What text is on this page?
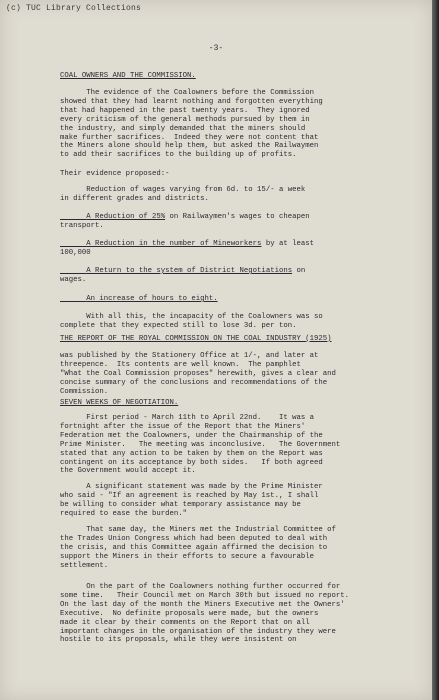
(c) TUC Library Collections
-3-

COAL OWNERS AND THE COMMISSION.

The evidence of the Coalowners before the Commission
showed that they had learnt nothing and forgotten everything
that had happened in the past twenty years.  They ignored
every criticism of the general methods pursued by them in
the industry, and simply demanded that the miners should
make further sacrifices.  Indeed they were not content that
the Miners alone should help them, but asked the Railwaymen
to add their sacrifices to the building up of profits.

Their evidence proposed:-

Reduction of wages varying from 6d. to 15/- a week
in different grades and districts.

A Reduction of 25% on Railwaymen's wages to cheapen
transport.

A Reduction in the number of Mineworkers by at least
100,000

A Return to the system of District Negotiations on
wages.

An increase of hours to eight.

With all this, the incapacity of the Coalowners was so
complete that they expected still to lose 3d. per ton.

THE REPORT OF THE ROYAL COMMISSION ON THE COAL INDUSTRY (1925)

was published by the Stationery Office at 1/-, and later at
threepence.  Its contents are well known.  The pamphlet
"What the Coal Commission proposes" herewith, gives a clear and
concise summary of the conclusions and recommendations of the
Commission.

SEVEN WEEKS OF NEGOTIATION.

First period - March 11th to April 22nd.    It was a
fortnight after the issue of the Report that the Miners'
Federation met the Coalowners, under the Chairmanship of the
Prime Minister.   The meeting was inconclusive.   The Government
stated that any action to be taken by them on the Report was
contingent on its acceptance by both sides.   If both agreed
the Government would accept it.

A significant statement was made by the Prime Minister
who said - "If an agreement is reached by May 1st., I shall
be willing to consider what temporary assistance may be
required to ease the burden."

That same day, the Miners met the Industrial Committee of
the Trades Union Congress which had been deputed to deal with
the crisis, and this Committee again affirmed the decision to
support the Miners in their efforts to secure a favourable
settlement.

On the part of the Coalowners nothing further occurred for
some time.   Their Council met on March 30th but issued no report.
On the last day of the month the Miners Executive met the Owners'
Executive.  No definite proposals were made, but the owners
made it clear by their comments on the Report that on all
important changes in the organisation of the industry they were
hostile to its proposals, while they were insistent on
